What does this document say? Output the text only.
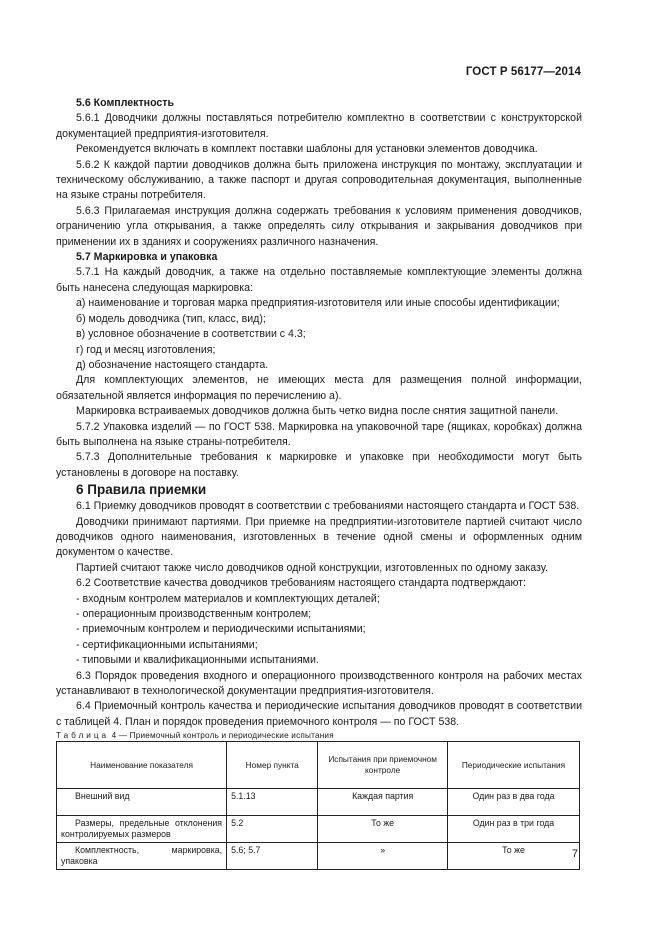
ГОСТ Р 56177—2014

5.6 Комплектность

5.6.1 Доводчики должны поставляться потребителю комплектно в соответствии с конструкторской документацией предприятия-изготовителя.

Рекомендуется включать в комплект поставки шаблоны для установки элементов доводчика.

5.6.2 К каждой партии доводчиков должна быть приложена инструкция по монтажу, эксплуатации и техническому обслуживанию, а также паспорт и другая сопроводительная документация, выполненные на языке страны потребителя.

5.6.3 Прилагаемая инструкция должна содержать требования к условиям применения доводчиков, ограничению угла открывания, а также определять силу открывания и закрывания доводчиков при применении их в зданиях и сооружениях различного назначения.

5.7 Маркировка и упаковка

5.7.1 На каждый доводчик, а также на отдельно поставляемые комплектующие элементы должна быть нанесена следующая маркировка:

а) наименование и торговая марка предприятия-изготовителя или иные способы идентификации;

б) модель доводчика (тип, класс, вид);

в) условное обозначение в соответствии с 4.3;

г) год и месяц изготовления;

д) обозначение настоящего стандарта.

Для комплектующих элементов, не имеющих места для размещения полной информации, обязательной является информация по перечислению а).

Маркировка встраиваемых доводчиков должна быть четко видна после снятия защитной панели.

5.7.2 Упаковка изделий — по ГОСТ 538. Маркировка на упаковочной таре (ящиках, коробках) должна быть выполнена на языке страны-потребителя.

5.7.3 Дополнительные требования к маркировке и упаковке при необходимости могут быть установлены в договоре на поставку.

6 Правила приемки

6.1 Приемку доводчиков проводят в соответствии с требованиями настоящего стандарта и ГОСТ 538.

Доводчики принимают партиями. При приемке на предприятии-изготовителе партией считают число доводчиков одного наименования, изготовленных в течение одной смены и оформленных одним документом о качестве.

Партией считают также число доводчиков одной конструкции, изготовленных по одному заказу.

6.2 Соответствие качества доводчиков требованиям настоящего стандарта подтверждают:

- входным контролем материалов и комплектующих деталей;

- операционным производственным контролем;

- приемочным контролем и периодическими испытаниями;

- сертификационными испытаниями;

- типовыми и квалификационными испытаниями.

6.3 Порядок проведения входного и операционного производственного контроля на рабочих местах устанавливают в технологической документации предприятия-изготовителя.

6.4 Приемочный контроль качества и периодические испытания доводчиков проводят в соответствии с таблицей 4. План и порядок проведения приемочного контроля — по ГОСТ 538.

Таблица 4 — Приемочный контроль и периодические испытания

Наименование показателя	Номер пункта	Испытания при приемочном контроле	Периодические испытания
Внешний вид	5.1.13	Каждая партия	Один раз в два года
Размеры, предельные отклонения контролируемых размеров	5.2	То же	Один раз в три года
Комплектность, маркировка, упаковка	5.6; 5.7	»	То же	7
